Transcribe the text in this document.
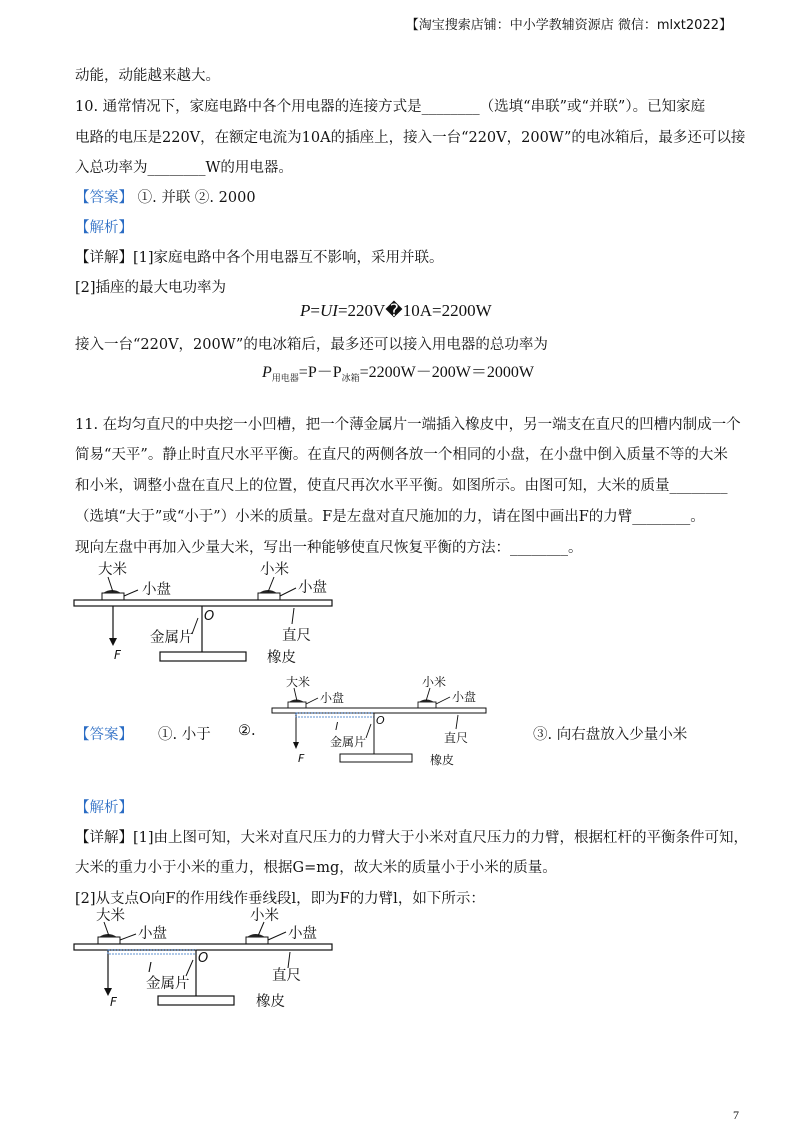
【淘宝搜索店铺：中小学教辅资源店 微信：mlxt2022】
动能，动能越来越大。
10. 通常情况下，家庭电路中各个用电器的连接方式是________（选填“串联”或“并联”）。已知家庭
电路的电压是220V，在额定电流为10A的插座上，接入一台“220V，200W”的电冰箱后，最多还可以接
入总功率为________W的用电器。
【答案】 ①. 并联 ②. 2000
【解析】
【详解】[1]家庭电路中各个用电器互不影响，采用并联。
[2]插座的最大电功率为
P=UI=220V�10A=2200W
接入一台“220V，200W”的电冰箱后，最多还可以接入用电器的总功率为
$P_{用电器}=P-P_{冰箱}=2200W-200W=2000W$
11. 在均匀直尺的中央挖一小凹槽，把一个薄金属片一端插入橡皮中，另一端支在直尺的凹槽内制成一个
简易“天平”。静止时直尺水平平衡。在直尺的两侧各放一个相同的小盘，在小盘中倒入质量不等的大米
和小米，调整小盘在直尺上的位置，使直尺再次水平平衡。如图所示。由图可知，大米的质量________
（选填“大于”或“小于”）小米的质量。F是左盘对直尺施加的力，请在图中画出F的力臂________。
现向左盘中再加入少量大米，写出一种能够使直尺恢复平衡的方法：________。
大米
小盘
小米
小盘
O
金属片	直尺
橡皮
F
【答案】 ①. 小于 ②.	③. 向右盘放入少量小米
大米
小盘
小米
小盘
O
l
金属片	直尺
橡皮
F
【解析】
【详解】[1]由上图可知，大米对直尺压力的力臂大于小米对直尺压力的力臂，根据杠杆的平衡条件可知，
大米的重力小于小米的重力，根据G=mg，故大米的质量小于小米的质量。
[2]从支点O向F的作用线作垂线段l，即为F的力臂l，如下所示：
大米
小盘
小米
小盘
O
l
金属片	直尺
橡皮
F
7
